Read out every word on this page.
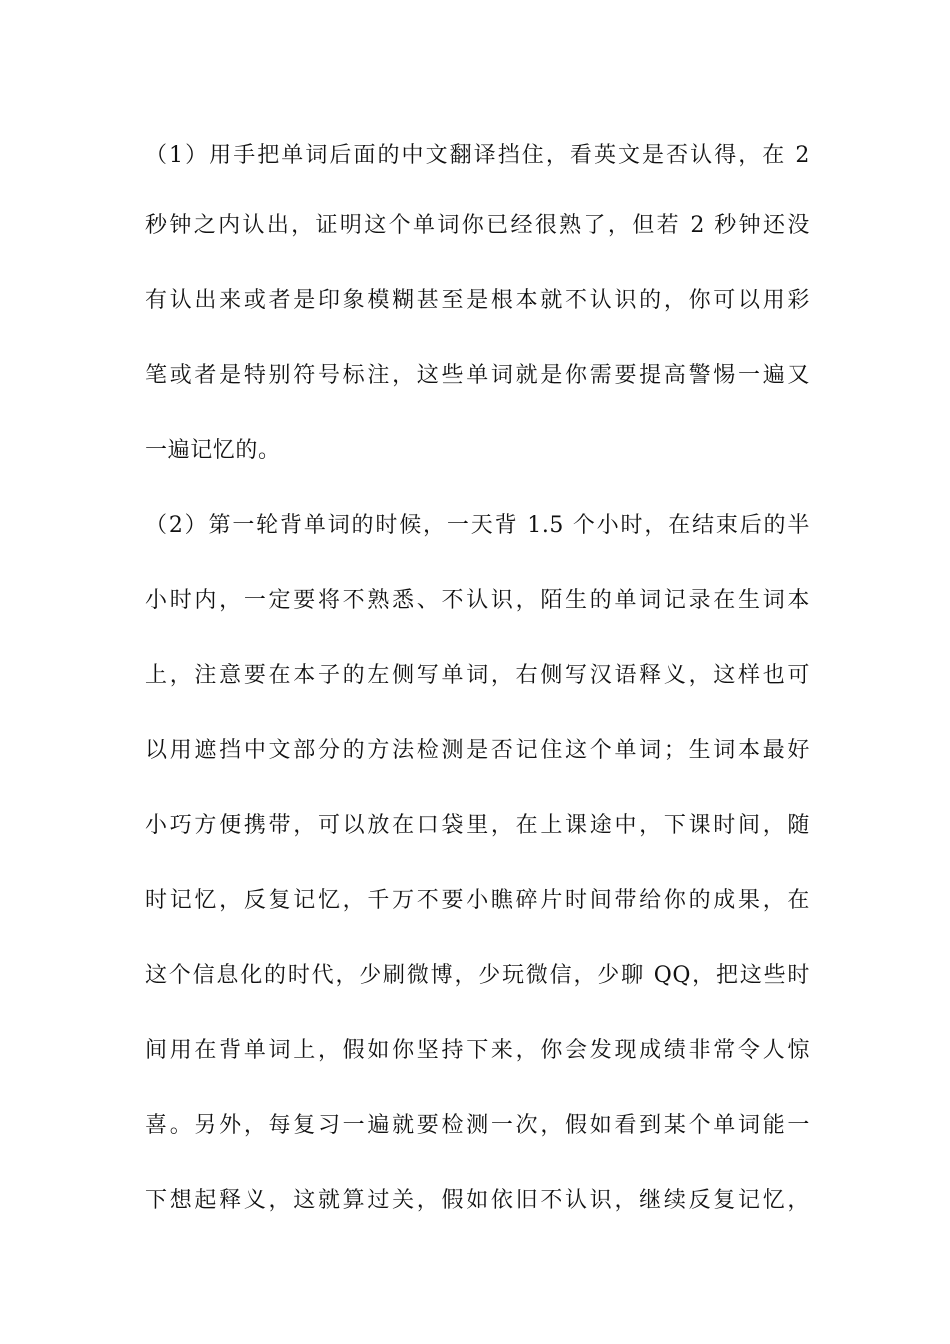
（1）用手把单词后面的中文翻译挡住，看英文是否认得，在 2

秒钟之内认出，证明这个单词你已经很熟了，但若 2 秒钟还没

有认出来或者是印象模糊甚至是根本就不认识的，你可以用彩

笔或者是特别符号标注，这些单词就是你需要提高警惕一遍又

一遍记忆的。

（2）第一轮背单词的时候，一天背 1.5 个小时，在结束后的半

小时内，一定要将不熟悉、不认识，陌生的单词记录在生词本

上，注意要在本子的左侧写单词，右侧写汉语释义，这样也可

以用遮挡中文部分的方法检测是否记住这个单词；生词本最好

小巧方便携带，可以放在口袋里，在上课途中，下课时间，随

时记忆，反复记忆，千万不要小瞧碎片时间带给你的成果，在

这个信息化的时代，少刷微博，少玩微信，少聊 QQ，把这些时

间用在背单词上，假如你坚持下来，你会发现成绩非常令人惊

喜。另外，每复习一遍就要检测一次，假如看到某个单词能一

下想起释义，这就算过关，假如依旧不认识，继续反复记忆，
